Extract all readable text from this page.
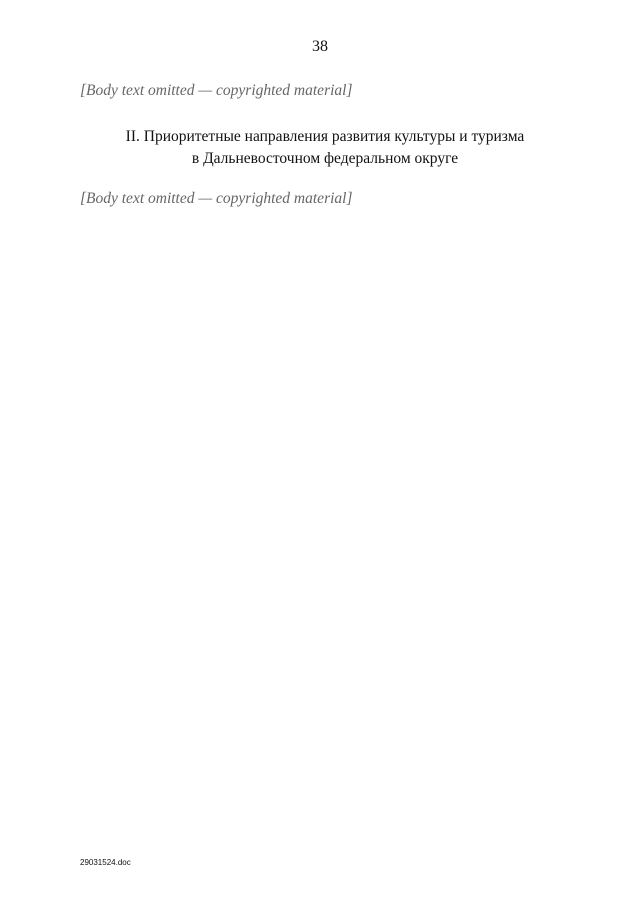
38

[Body text omitted — copyrighted material]

II. Приоритетные направления развития культуры и туризма
в Дальневосточном федеральном округе

[Body text omitted — copyrighted material]

29031524.doc
